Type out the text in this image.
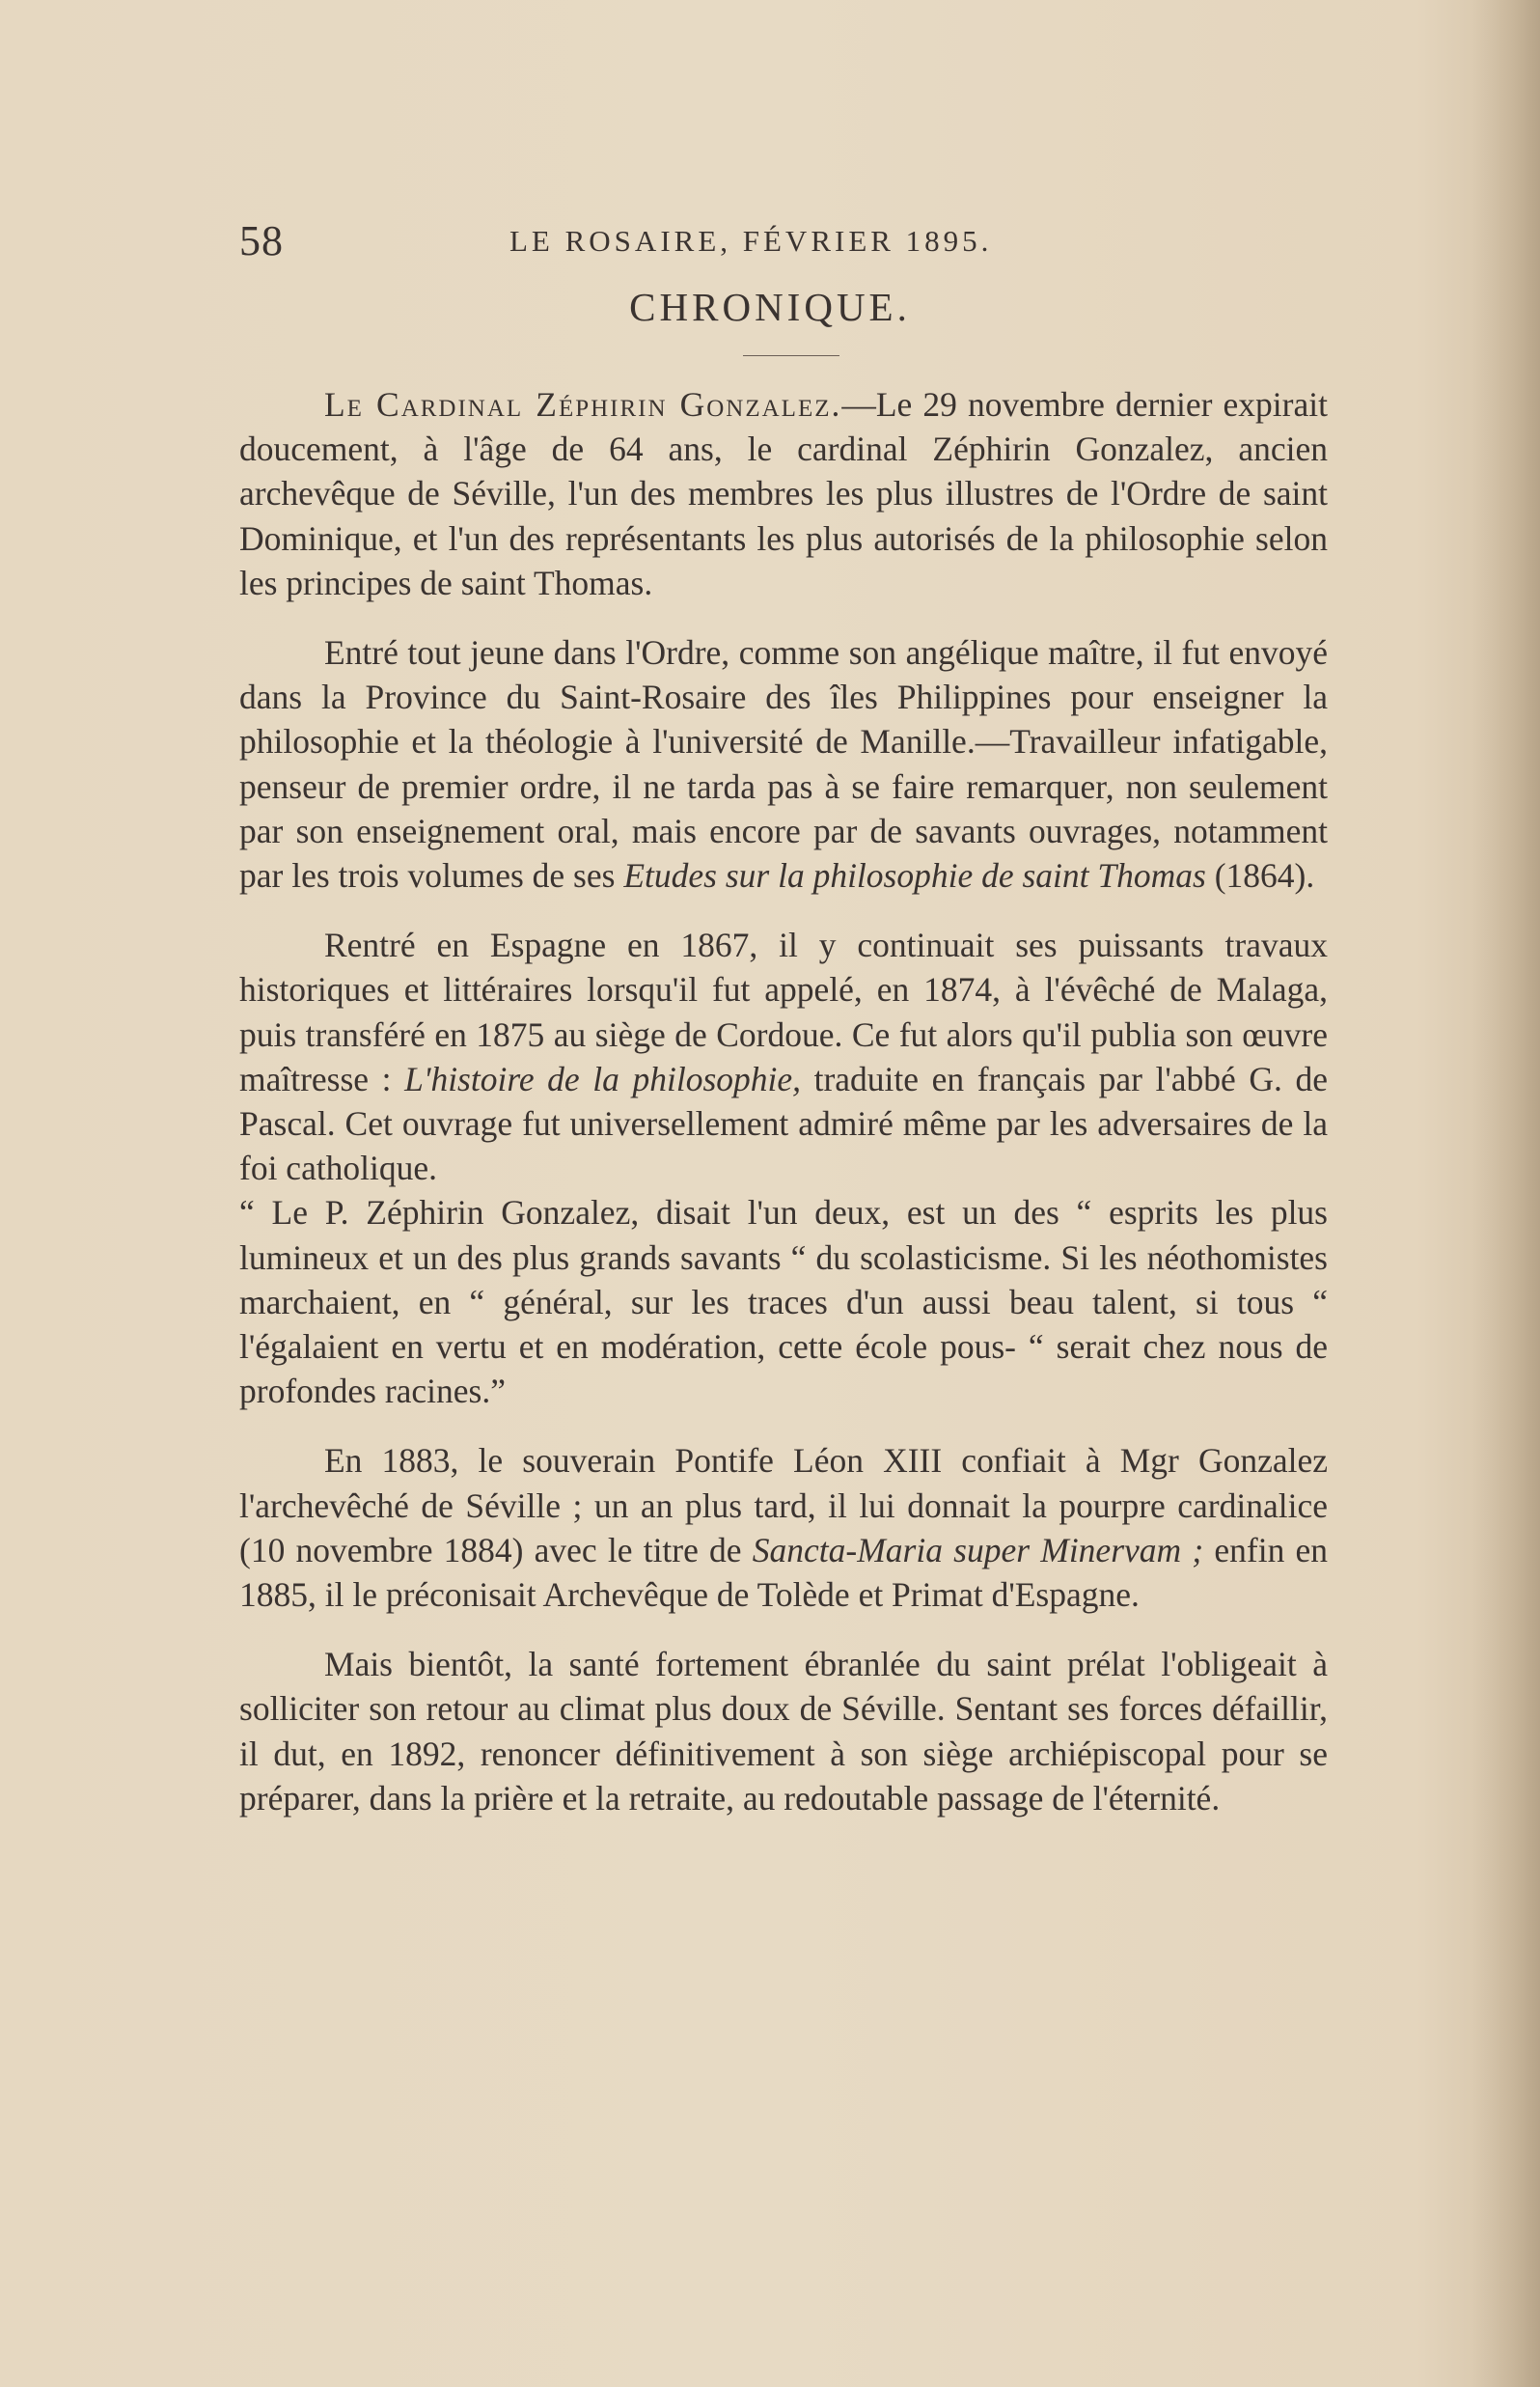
58	LE ROSAIRE, FÉVRIER 1895.
CHRONIQUE.

Le Cardinal Zéphirin Gonzalez.—Le 29 novembre dernier expirait doucement, à l'âge de 64 ans, le cardinal Zéphirin Gonzalez, ancien archevêque de Séville, l'un des membres les plus illustres de l'Ordre de saint Dominique, et l'un des représentants les plus autorisés de la philosophie selon les principes de saint Thomas.

Entré tout jeune dans l'Ordre, comme son angélique maître, il fut envoyé dans la Province du Saint-Rosaire des îles Philippines pour enseigner la philosophie et la théologie à l'université de Manille.—Travailleur infatigable, penseur de premier ordre, il ne tarda pas à se faire remarquer, non seulement par son enseignement oral, mais encore par de savants ouvrages, notamment par les trois volumes de ses Etudes sur la philosophie de saint Thomas (1864).

Rentré en Espagne en 1867, il y continuait ses puissants travaux historiques et littéraires lorsqu'il fut appelé, en 1874, à l'évêché de Malaga, puis transféré en 1875 au siège de Cordoue. Ce fut alors qu'il publia son œuvre maîtresse : L'histoire de la philosophie, traduite en français par l'abbé G. de Pascal. Cet ouvrage fut universellement admiré même par les adversaires de la foi catholique.

“ Le P. Zéphirin Gonzalez, disait l'un deux, est un des “ esprits les plus lumineux et un des plus grands savants “ du scolasticisme. Si les néothomistes marchaient, en “ général, sur les traces d'un aussi beau talent, si tous “ l'égalaient en vertu et en modération, cette école pous- “ serait chez nous de profondes racines.”

En 1883, le souverain Pontife Léon XIII confiait à Mgr Gonzalez l'archevêché de Séville ; un an plus tard, il lui donnait la pourpre cardinalice (10 novembre 1884) avec le titre de Sancta-Maria super Minervam ; enfin en 1885, il le préconisait Archevêque de Tolède et Primat d'Espagne.

Mais bientôt, la santé fortement ébranlée du saint prélat l'obligeait à solliciter son retour au climat plus doux de Séville. Sentant ses forces défaillir, il dut, en 1892, renoncer définitivement à son siège archiépiscopal pour se préparer, dans la prière et la retraite, au redoutable passage de l'éternité.
